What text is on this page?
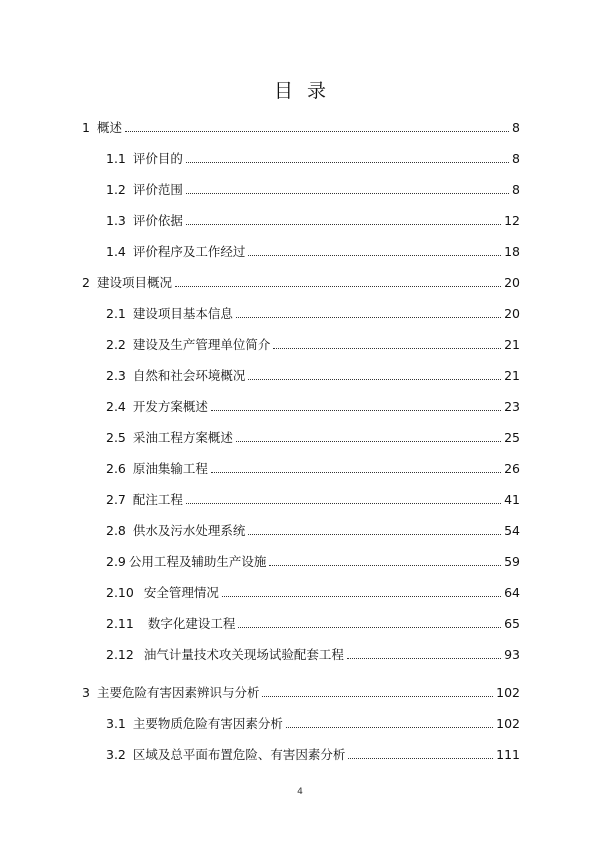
目 录
1 概述	8
1.1 评价目的	8
1.2 评价范围	8
1.3 评价依据	12
1.4 评价程序及工作经过	18
2 建设项目概况	20
2.1 建设项目基本信息	20
2.2 建设及生产管理单位简介	21
2.3 自然和社会环境概况	21
2.4 开发方案概述	23
2.5 采油工程方案概述	25
2.6 原油集输工程	26
2.7 配注工程	41
2.8 供水及污水处理系统	54
2.9 公用工程及辅助生产设施	59
2.10 安全管理情况	64
2.11 数字化建设工程	65
2.12 油气计量技术攻关现场试验配套工程	93
3 主要危险有害因素辨识与分析	102
3.1 主要物质危险有害因素分析	102
3.2 区域及总平面布置危险、有害因素分析	111
4
